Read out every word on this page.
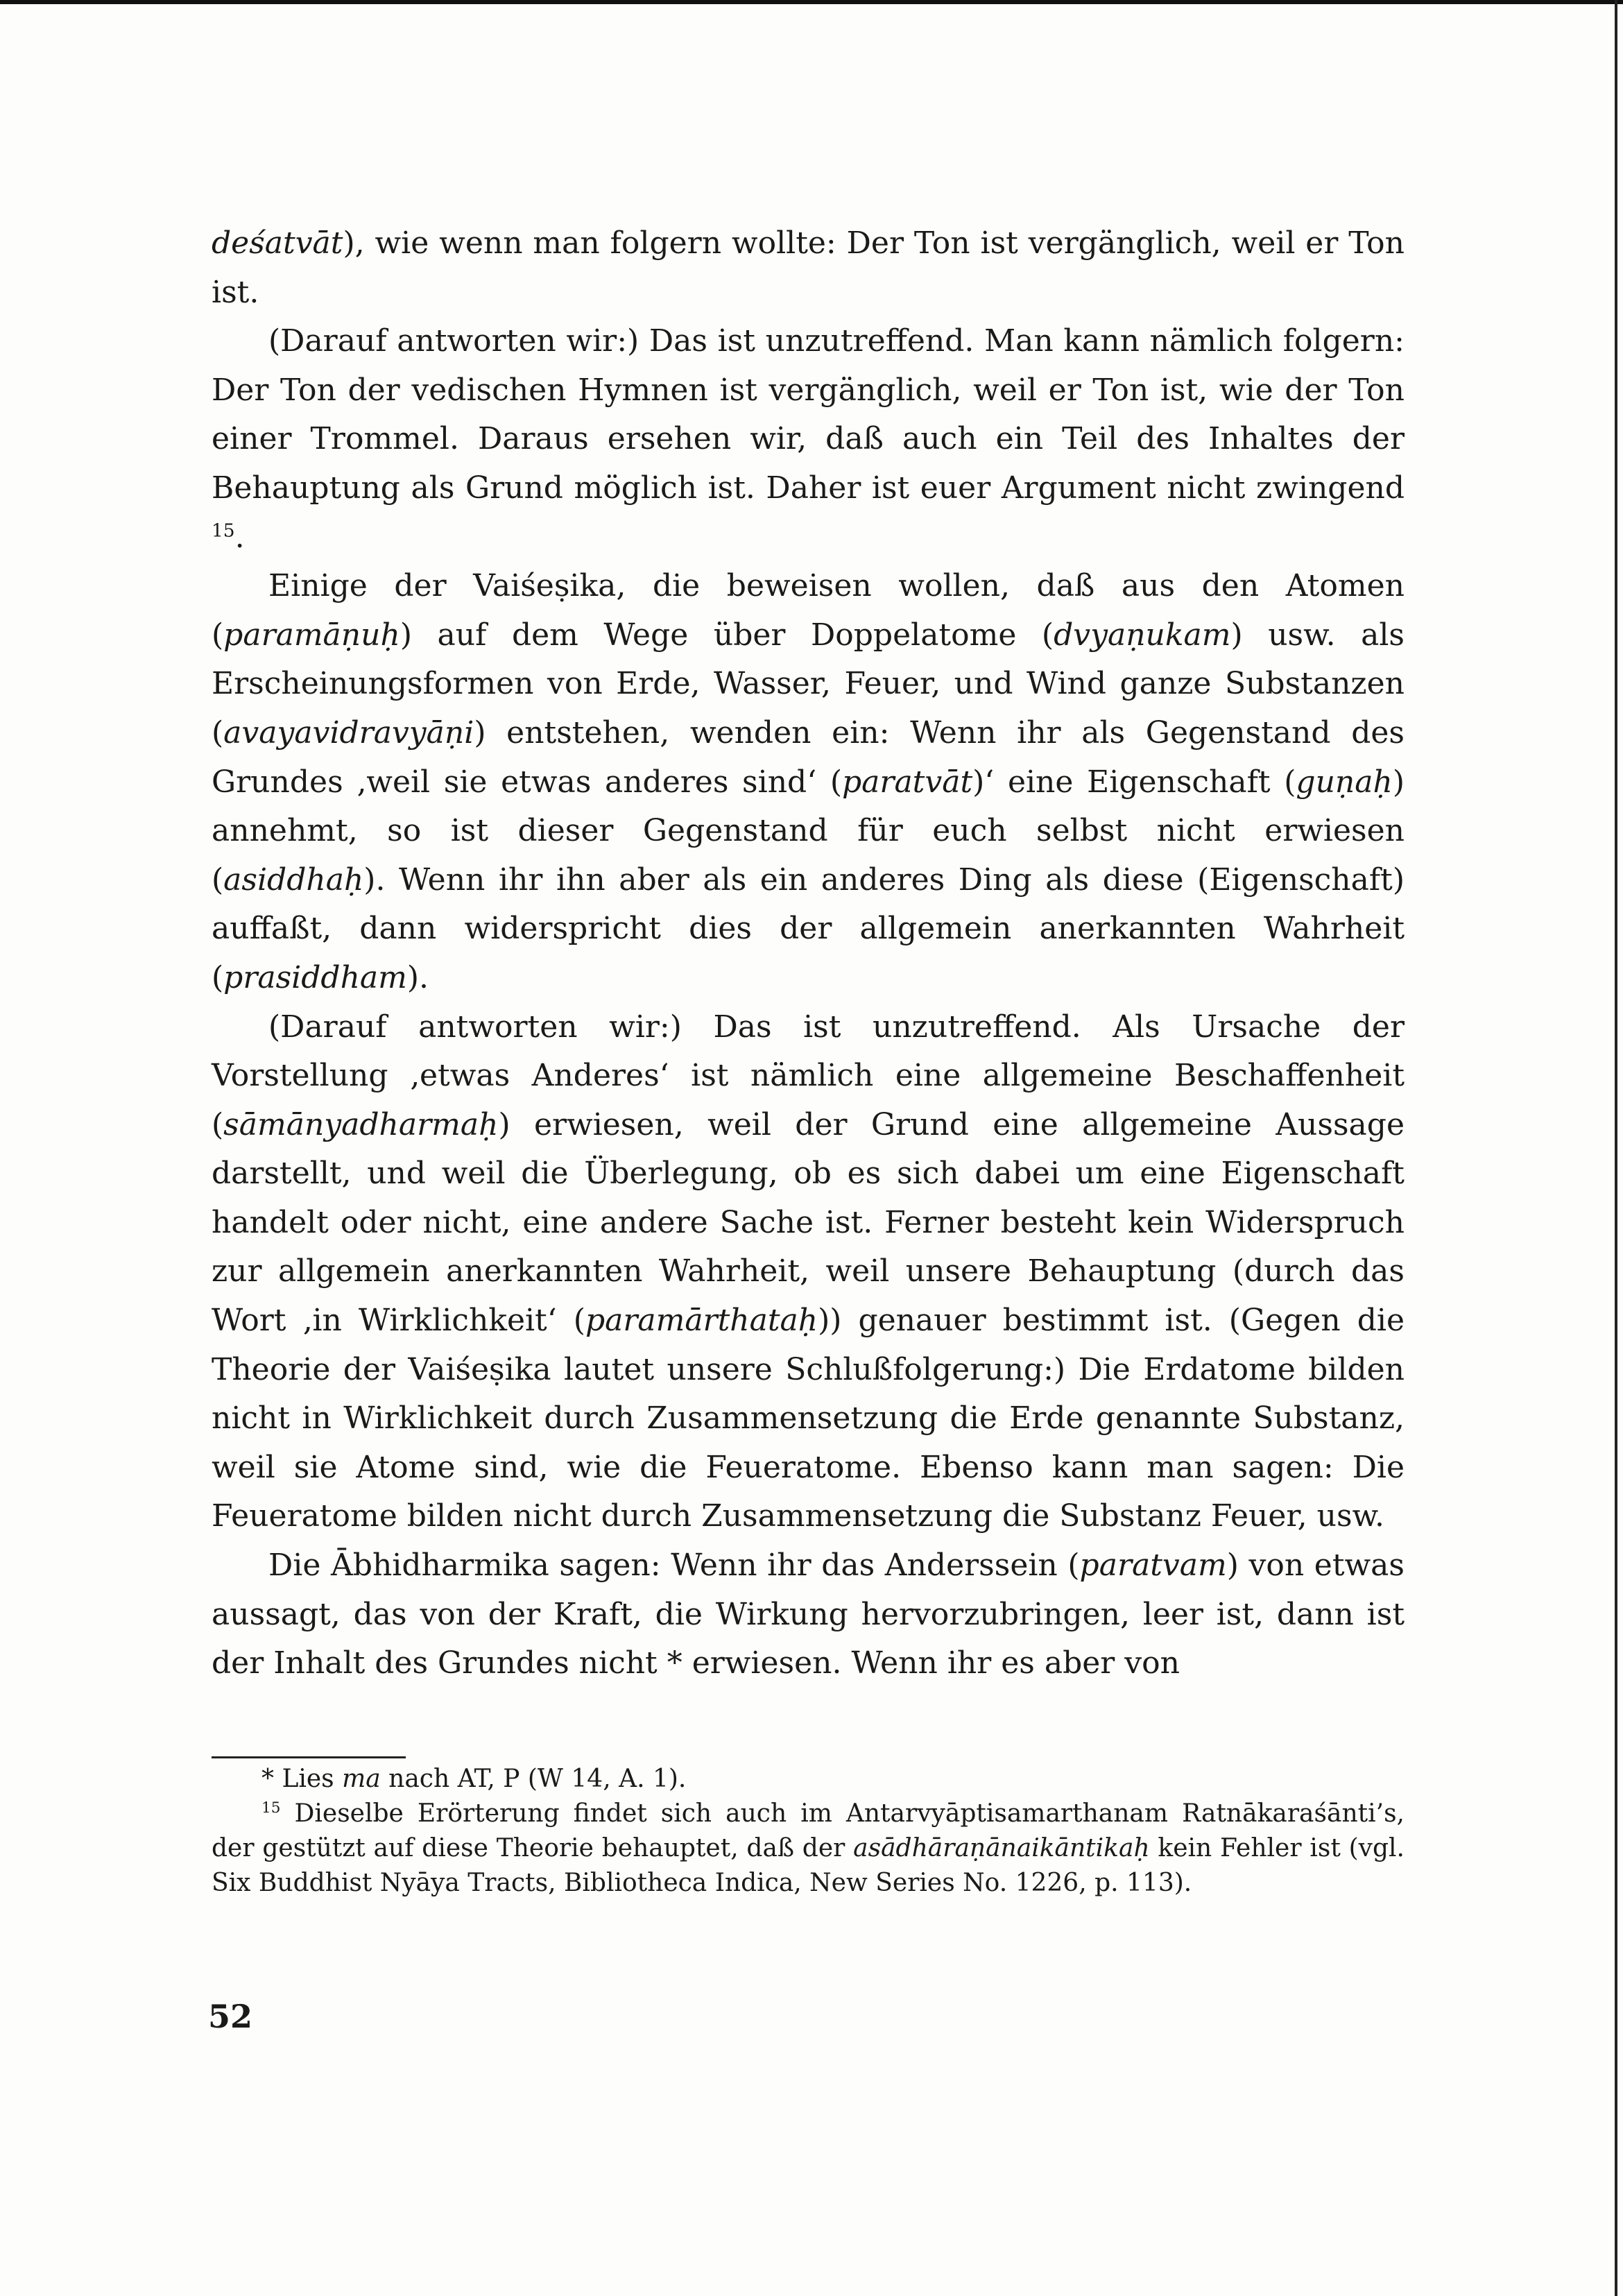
deśatvāt), wie wenn man folgern wollte: Der Ton ist vergänglich, weil er Ton ist.

(Darauf antworten wir:) Das ist unzutreffend. Man kann nämlich folgern: Der Ton der vedischen Hymnen ist vergänglich, weil er Ton ist, wie der Ton einer Trommel. Daraus ersehen wir, daß auch ein Teil des Inhaltes der Behauptung als Grund möglich ist. Daher ist euer Argument nicht zwingend $^{15}$.

Einige der Vaiśeṣika, die beweisen wollen, daß aus den Atomen (paramāṇuḥ) auf dem Wege über Doppelatome (dvyaṇukam) usw. als Erscheinungsformen von Erde, Wasser, Feuer, und Wind ganze Substanzen (avayavidravyāṇi) entstehen, wenden ein: Wenn ihr als Gegenstand des Grundes ‚weil sie etwas anderes sind‘ (paratvāt)‘ eine Eigenschaft (guṇaḥ) annehmt, so ist dieser Gegenstand für euch selbst nicht erwiesen (asiddhaḥ). Wenn ihr ihn aber als ein anderes Ding als diese (Eigenschaft) auffaßt, dann widerspricht dies der allgemein anerkannten Wahrheit (prasiddham).

(Darauf antworten wir:) Das ist unzutreffend. Als Ursache der Vorstellung ‚etwas Anderes‘ ist nämlich eine allgemeine Beschaffenheit (sāmānyadharmaḥ) erwiesen, weil der Grund eine allgemeine Aussage darstellt, und weil die Überlegung, ob es sich dabei um eine Eigenschaft handelt oder nicht, eine andere Sache ist. Ferner besteht kein Widerspruch zur allgemein anerkannten Wahrheit, weil unsere Behauptung (durch das Wort ‚in Wirklichkeit‘ (paramārthataḥ)) genauer bestimmt ist. (Gegen die Theorie der Vaiśeṣika lautet unsere Schlußfolgerung:) Die Erdatome bilden nicht in Wirklichkeit durch Zusammensetzung die Erde genannte Substanz, weil sie Atome sind, wie die Feueratome. Ebenso kann man sagen: Die Feueratome bilden nicht durch Zusammensetzung die Substanz Feuer, usw.

Die Ābhidharmika sagen: Wenn ihr das Anderssein (paratvam) von etwas aussagt, das von der Kraft, die Wirkung hervorzubringen, leer ist, dann ist der Inhalt des Grundes nicht * erwiesen. Wenn ihr es aber von

* Lies ma nach AT, P (W 14, A. 1).

$^{15}$ Dieselbe Erörterung findet sich auch im Antarvyāptisamarthanam Ratnākaraśānti’s, der gestützt auf diese Theorie behauptet, daß der asādhāraṇānaikāntikaḥ kein Fehler ist (vgl. Six Buddhist Nyāya Tracts, Bibliotheca Indica, New Series No. 1226, p. 113).

52
